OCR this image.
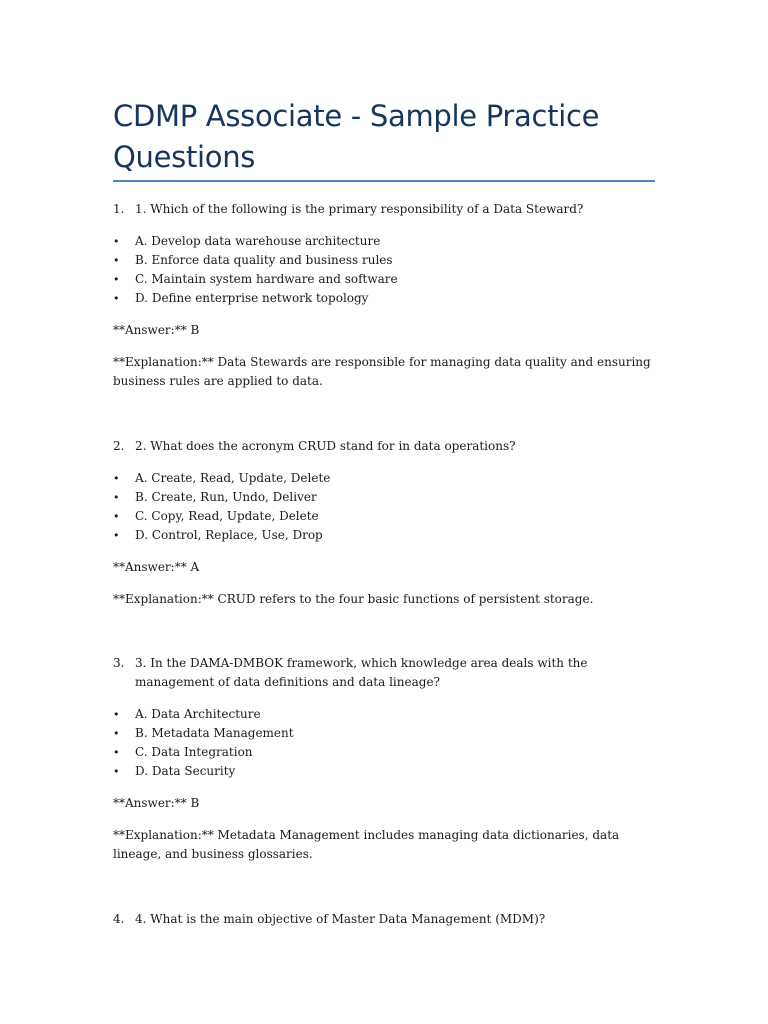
CDMP Associate - Sample Practice Questions
1. 1. Which of the following is the primary responsibility of a Data Steward?
•	A. Develop data warehouse architecture
•	B. Enforce data quality and business rules
•	C. Maintain system hardware and software
•	D. Define enterprise network topology
**Answer:** B
**Explanation:** Data Stewards are responsible for managing data quality and ensuring business rules are applied to data.
2. 2. What does the acronym CRUD stand for in data operations?
•	A. Create, Read, Update, Delete
•	B. Create, Run, Undo, Deliver
•	C. Copy, Read, Update, Delete
•	D. Control, Replace, Use, Drop
**Answer:** A
**Explanation:** CRUD refers to the four basic functions of persistent storage.
3. 3. In the DAMA-DMBOK framework, which knowledge area deals with the management of data definitions and data lineage?
•	A. Data Architecture
•	B. Metadata Management
•	C. Data Integration
•	D. Data Security
**Answer:** B
**Explanation:** Metadata Management includes managing data dictionaries, data lineage, and business glossaries.
4. 4. What is the main objective of Master Data Management (MDM)?
